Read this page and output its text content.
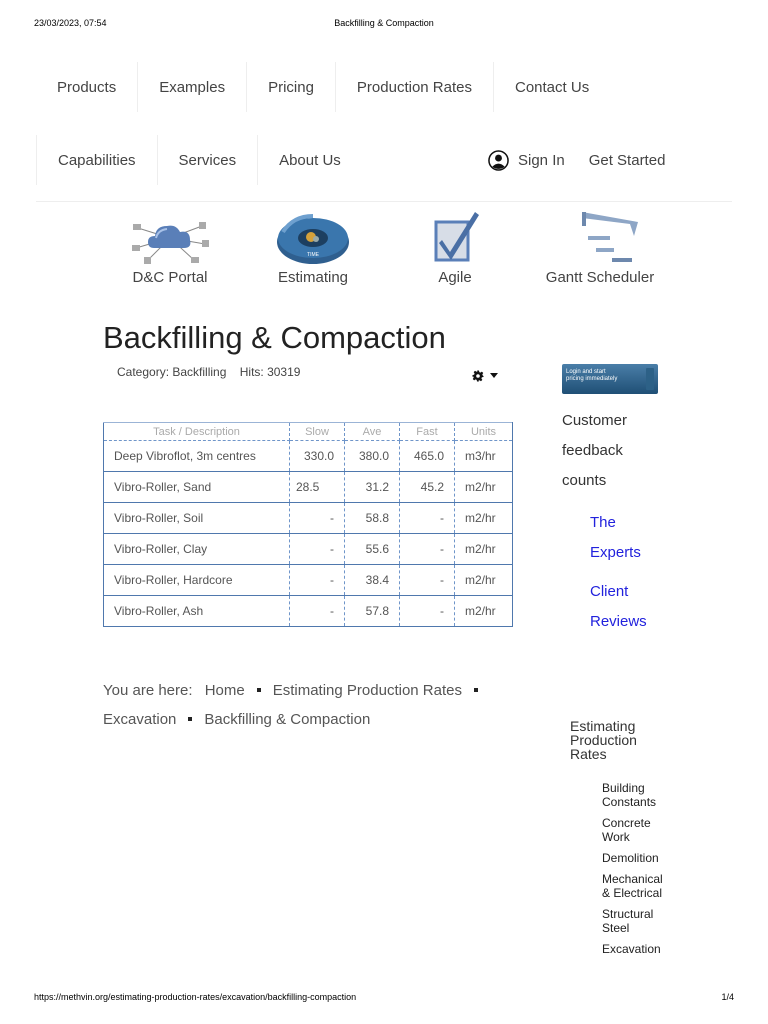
23/03/2023, 07:54	Backfilling & Compaction
Products	Examples	Pricing	Production Rates	Contact Us
Capabilities	Services	About Us	Sign In Get Started
D&C Portal
TIME
Estimating	Agile	Gantt Scheduler
Backfilling & Compaction
Category: Backfilling Hits: 30319
Task / Description	Slow	Ave	Fast	Units
Deep Vibroflot, 3m centres	330.0	380.0	465.0	m3/hr
Vibro-Roller, Sand	28.5	31.2	45.2	m2/hr
Vibro-Roller, Soil	-	58.8	-	m2/hr
Vibro-Roller, Clay	-	55.6	-	m2/hr
Vibro-Roller, Hardcore	-	38.4	-	m2/hr
Vibro-Roller, Ash	-	57.8	-	m2/hr
You are here: Home Estimating Production Rates
Excavation Backfilling & Compaction
Login and start
pricing immediately
Customer feedback counts
The Experts
Client Reviews
Estimating Production Rates
Building Constants
Concrete Work
Demolition
Mechanical & Electrical
Structural Steel
Excavation
https://methvin.org/estimating-production-rates/excavation/backfilling-compaction	1/4
